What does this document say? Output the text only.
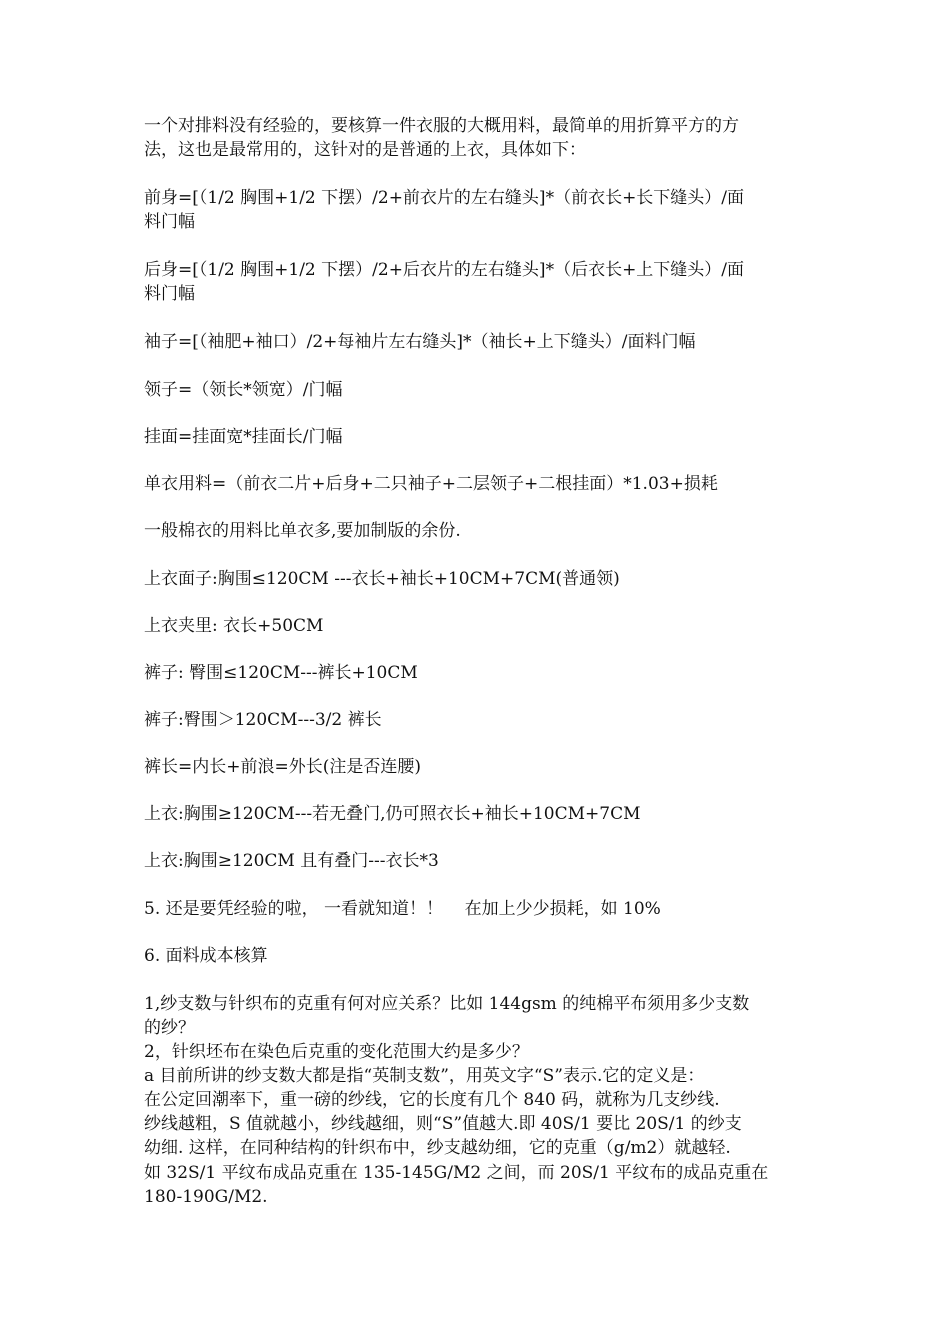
一个对排料没有经验的，要核算一件衣服的大概用料，最简单的用折算平方的方
法，这也是最常用的，这针对的是普通的上衣，具体如下：
前身=[（1/2 胸围+1/2 下摆）/2+前衣片的左右缝头]*（前衣长+长下缝头）/面
料门幅
后身=[（1/2 胸围+1/2 下摆）/2+后衣片的左右缝头]*（后衣长+上下缝头）/面
料门幅
袖子=[（袖肥+袖口）/2+每袖片左右缝头]*（袖长+上下缝头）/面料门幅
领子=（领长*领宽）/门幅
挂面=挂面宽*挂面长/门幅
单衣用料=（前衣二片+后身+二只袖子+二层领子+二根挂面）*1.03+损耗
一般棉衣的用料比单衣多,要加制版的余份.
上衣面子:胸围≤120CM ---衣长+袖长+10CM+7CM(普通领)
上衣夹里: 衣长+50CM
裤子: 臀围≤120CM---裤长+10CM
裤子:臀围＞120CM---3/2 裤长
裤长=内长+前浪=外长(注是否连腰)
上衣:胸围≥120CM---若无叠门,仍可照衣长+袖长+10CM+7CM
上衣:胸围≥120CM 且有叠门---衣长*3
5. 还是要凭经验的啦， 一看就知道！！    在加上少少损耗，如 10%
6. 面料成本核算
1,纱支数与针织布的克重有何对应关系？比如 144gsm 的纯棉平布须用多少支数
的纱？
2，针织坯布在染色后克重的变化范围大约是多少？
a 目前所讲的纱支数大都是指“英制支数”，用英文字“S”表示.它的定义是：
在公定回潮率下，重一磅的纱线，它的长度有几个 840 码，就称为几支纱线.
纱线越粗，S 值就越小，纱线越细，则“S”值越大.即 40S/1 要比 20S/1 的纱支
幼细. 这样，在同种结构的针织布中，纱支越幼细，它的克重（g/m2）就越轻.
如 32S/1 平纹布成品克重在 135-145G/M2 之间，而 20S/1 平纹布的成品克重在
180-190G/M2.
